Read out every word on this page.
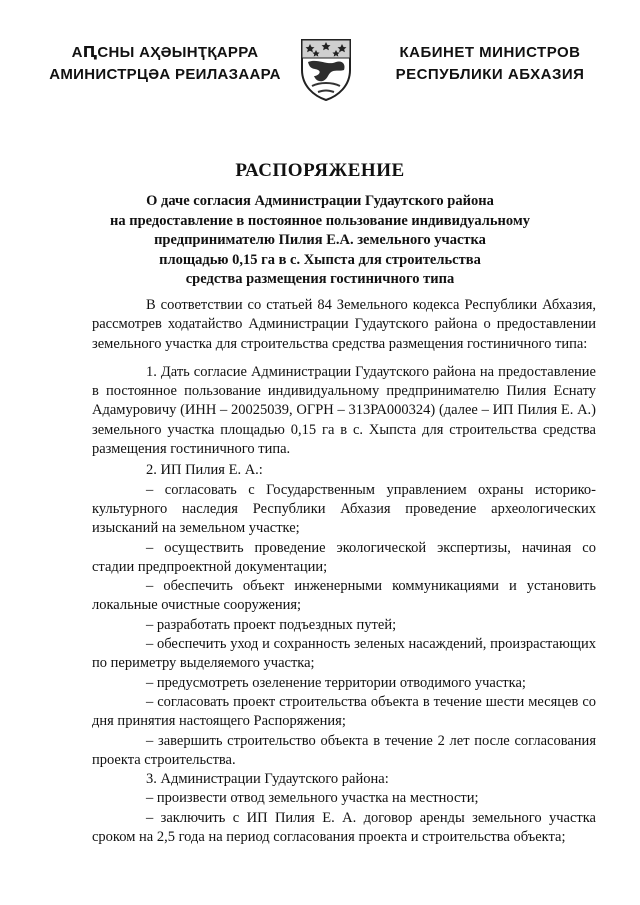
АԤСНЫ АҲӘЫНҬҚАРРА
АМИНИСТРЦӘА РЕИЛАЗААРА
КАБИНЕТ МИНИСТРОВ
РЕСПУБЛИКИ АБХАЗИЯ
РАСПОРЯЖЕНИЕ
О даче согласия Администрации Гудаутского района
на предоставление в постоянное пользование индивидуальному
предпринимателю Пилия Е.А. земельного участка
площадью 0,15 га в с. Хыпста для строительства
средства размещения гостиничного типа

В соответствии со статьей 84 Земельного кодекса Республики Абхазия, рассмотрев ходатайство Администрации Гудаутского района о предоставлении земельного участка для строительства средства размещения гостиничного типа:

1. Дать согласие Администрации Гудаутского района на предоставление в постоянное пользование индивидуальному предпринимателю Пилия Еснату Адамуровичу (ИНН – 20025039, ОГРН – 313РА000324) (далее – ИП Пилия Е. А.) земельного участка площадью 0,15 га в с. Хыпста для строительства средства размещения гостиничного типа.

2. ИП Пилия Е. А.:

– согласовать с Государственным управлением охраны историко-культурного наследия Республики Абхазия проведение археологических изысканий на земельном участке;

– осуществить проведение экологической экспертизы, начиная со стадии предпроектной документации;

– обеспечить объект инженерными коммуникациями и установить локальные очистные сооружения;

– разработать проект подъездных путей;

– обеспечить уход и сохранность зеленых насаждений, произрастающих по периметру выделяемого участка;

– предусмотреть озеленение территории отводимого участка;

– согласовать проект строительства объекта в течение шести месяцев со дня принятия настоящего Распоряжения;

– завершить строительство объекта в течение 2 лет после согласования проекта строительства.

3. Администрации Гудаутского района:

– произвести отвод земельного участка на местности;

– заключить с ИП Пилия Е. А. договор аренды земельного участка сроком на 2,5 года на период согласования проекта и строительства объекта;
